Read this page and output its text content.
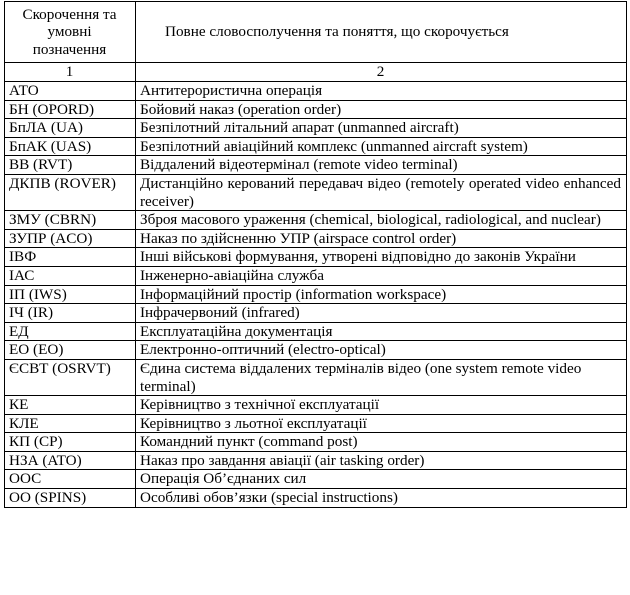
Скорочення та умовні позначення	Повне словосполучення та поняття, що скорочується
1	2
АТО	Антитерористична операція
БН (OPORD)	Бойовий наказ (operation order)
БпЛА (UA)	Безпілотний літальний апарат (unmanned aircraft)
БпАК (UAS)	Безпілотний авіаційний комплекс (unmanned aircraft system)
ВВ (RVT)	Віддалений відеотермінал (remote video terminal)
ДКПВ (ROVER)	Дистанційно керований передавач відео (remotely operated video enhanced receiver)
ЗМУ (CBRN)	Зброя масового ураження (chemical, biological, radiological, and nuclear)
ЗУПР (ACO)	Наказ по здійсненню УПР (airspace control order)
ІВФ	Інші військові формування, утворені відповідно до законів України
ІАС	Інженерно-авіаційна служба
ІП (IWS)	Інформаційний простір (information workspace)
ІЧ (IR)	Інфрачервоний (infrared)
ЕД	Експлуатаційна документація
ЕО (EO)	Електронно-оптичний (electro-optical)
ЄСВТ (OSRVT)	Єдина система віддалених терміналів відео (one system remote video terminal)
КЕ	Керівництво з технічної експлуатації
КЛЕ	Керівництво з льотної експлуатації
КП (CP)	Командний пункт (command post)
НЗА (ATO)	Наказ про завдання авіації (air tasking order)
ООС	Операція Об’єднаних сил
ОО (SPINS)	Особливі обов’язки (special instructions)
